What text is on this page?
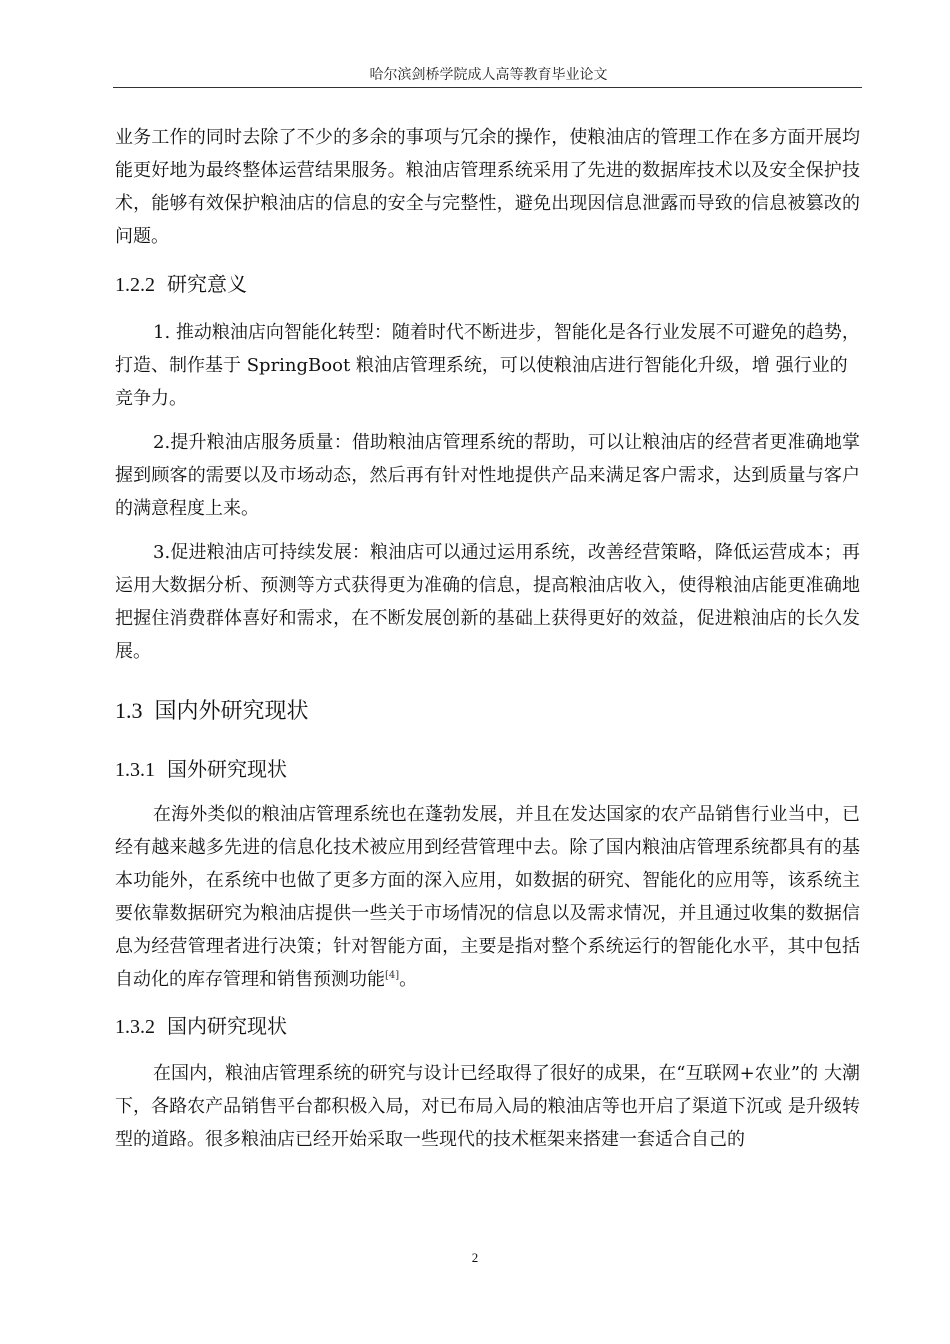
哈尔滨剑桥学院成人高等教育毕业论文

业务工作的同时去除了不少的多余的事项与冗余的操作，使粮油店的管理工作在多方面开展均能更好地为最终整体运营结果服务。粮油店管理系统采用了先进的数据库技术以及安全保护技术，能够有效保护粮油店的信息的安全与完整性，避免出现因信息泄露而导致的信息被篡改的问题。

1.2.2 研究意义

1. 推动粮油店向智能化转型：随着时代不断进步，智能化是各行业发展不可避免的趋势，打造、制作基于 SpringBoot 粮油店管理系统，可以使粮油店进行智能化升级，增 强行业的竞争力。

2.提升粮油店服务质量：借助粮油店管理系统的帮助，可以让粮油店的经营者更准确地掌握到顾客的需要以及市场动态，然后再有针对性地提供产品来满足客户需求，达到质量与客户的满意程度上来。

3.促进粮油店可持续发展：粮油店可以通过运用系统，改善经营策略，降低运营成本；再运用大数据分析、预测等方式获得更为准确的信息，提高粮油店收入，使得粮油店能更准确地把握住消费群体喜好和需求，在不断发展创新的基础上获得更好的效益，促进粮油店的长久发展。

1.3 国内外研究现状
1.3.1 国外研究现状

在海外类似的粮油店管理系统也在蓬勃发展，并且在发达国家的农产品销售行业当中，已经有越来越多先进的信息化技术被应用到经营管理中去。除了国内粮油店管理系统都具有的基本功能外，在系统中也做了更多方面的深入应用，如数据的研究、智能化的应用等，该系统主要依靠数据研究为粮油店提供一些关于市场情况的信息以及需求情况，并且通过收集的数据信息为经营管理者进行决策；针对智能方面，主要是指对整个系统运行的智能化水平，其中包括自动化的库存管理和销售预测功能[4]。

1.3.2 国内研究现状

在国内，粮油店管理系统的研究与设计已经取得了很好的成果，在“互联网+农业”的 大潮下，各路农产品销售平台都积极入局，对已布局入局的粮油店等也开启了渠道下沉或 是升级转型的道路。很多粮油店已经开始采取一些现代的技术框架来搭建一套适合自己的

2
